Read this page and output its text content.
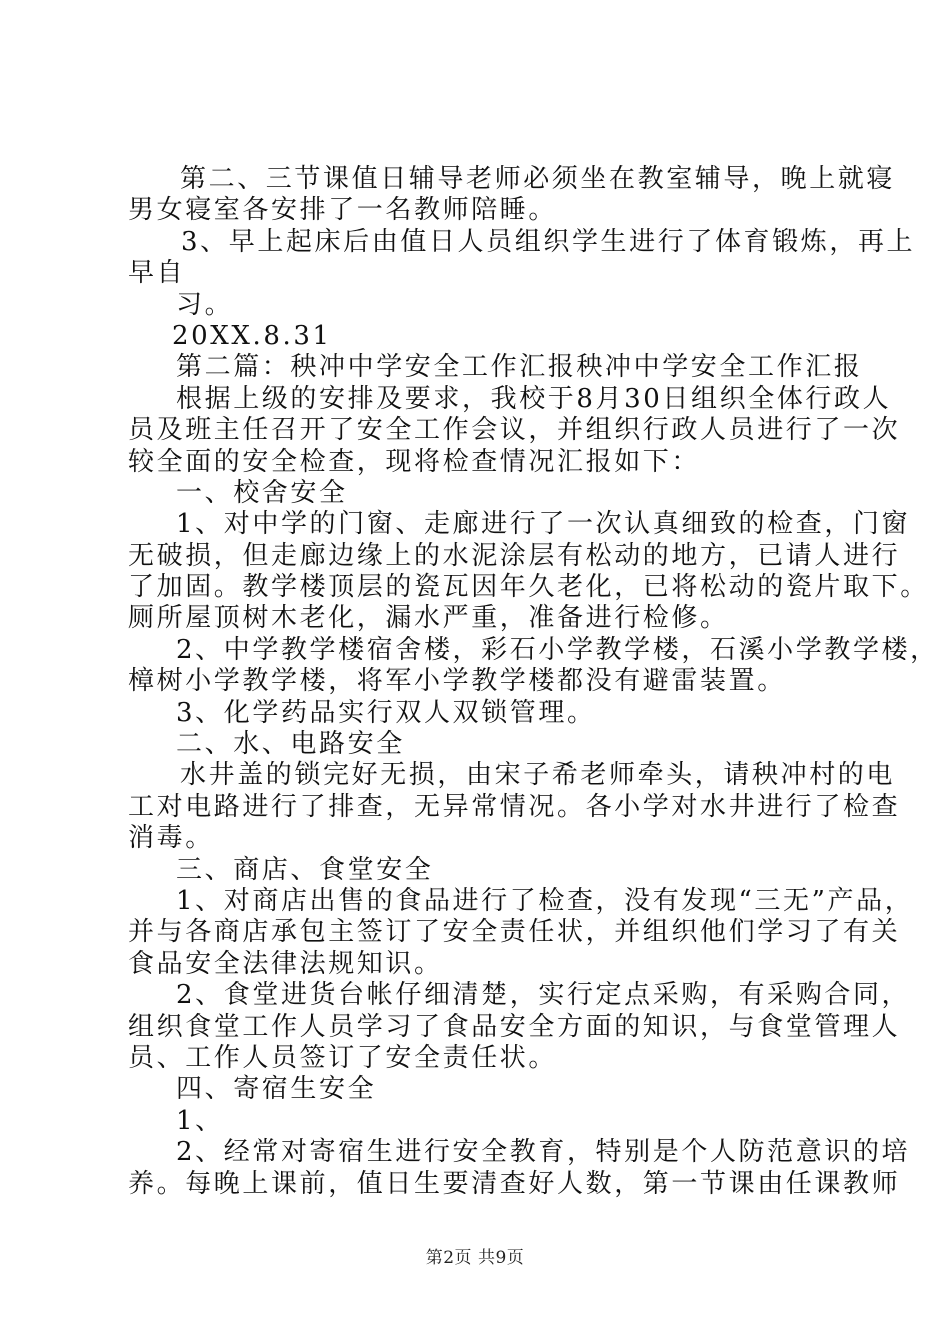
第二、三节课值日辅导老师必须坐在教室辅导，晚上就寝
男女寝室各安排了一名教师陪睡。
3、早上起床后由值日人员组织学生进行了体育锻炼，再上
早自
习。
20XX.8.31
第二篇：秧冲中学安全工作汇报秧冲中学安全工作汇报
根据上级的安排及要求，我校于8月30日组织全体行政人
员及班主任召开了安全工作会议，并组织行政人员进行了一次
较全面的安全检查，现将检查情况汇报如下：
一、校舍安全
1、对中学的门窗、走廊进行了一次认真细致的检查，门窗
无破损，但走廊边缘上的水泥涂层有松动的地方，已请人进行
了加固。教学楼顶层的瓷瓦因年久老化，已将松动的瓷片取下。
厕所屋顶树木老化，漏水严重，准备进行检修。
2、中学教学楼宿舍楼，彩石小学教学楼，石溪小学教学楼，
樟树小学教学楼，将军小学教学楼都没有避雷装置。
3、化学药品实行双人双锁管理。
二、水、电路安全
水井盖的锁完好无损，由宋子希老师牵头，请秧冲村的电
工对电路进行了排查，无异常情况。各小学对水井进行了检查
消毒。
三、商店、食堂安全
1、对商店出售的食品进行了检查，没有发现“三无”产品，
并与各商店承包主签订了安全责任状，并组织他们学习了有关
食品安全法律法规知识。
2、食堂进货台帐仔细清楚，实行定点采购，有采购合同，
组织食堂工作人员学习了食品安全方面的知识，与食堂管理人
员、工作人员签订了安全责任状。
四、寄宿生安全
1、
2、经常对寄宿生进行安全教育，特别是个人防范意识的培
养。每晚上课前，值日生要清查好人数，第一节课由任课教师
第2页 共9页
